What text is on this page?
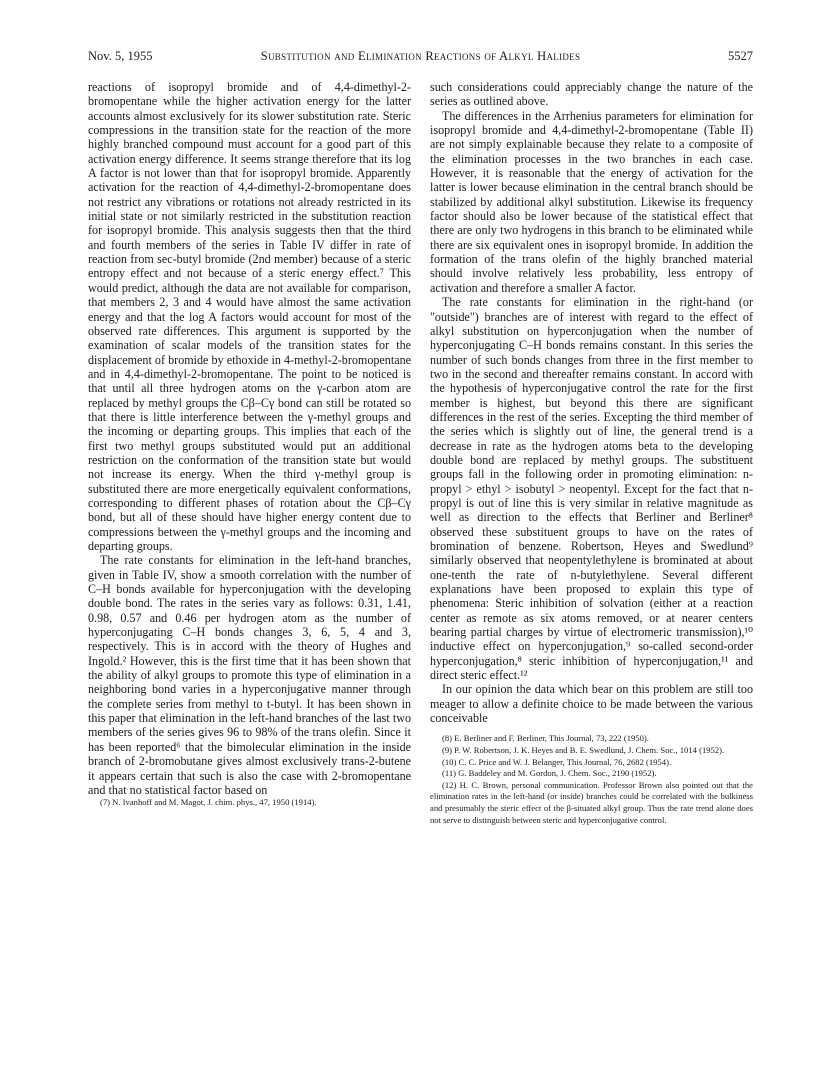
Nov. 5, 1955	Substitution and Elimination Reactions of Alkyl Halides	5527

reactions of isopropyl bromide and of 4,4-dimethyl-2-bromopentane while the higher activation energy for the latter accounts almost exclusively for its slower substitution rate. Steric compressions in the transition state for the reaction of the more highly branched compound must account for a good part of this activation energy difference. It seems strange therefore that its log A factor is not lower than that for isopropyl bromide. Apparently activation for the reaction of 4,4-dimethyl-2-bromopentane does not restrict any vibrations or rotations not already restricted in its initial state or not similarly restricted in the substitution reaction for isopropyl bromide. This analysis suggests then that the third and fourth members of the series in Table IV differ in rate of reaction from sec-butyl bromide (2nd member) because of a steric entropy effect and not because of a steric energy effect.⁷ This would predict, although the data are not available for comparison, that members 2, 3 and 4 would have almost the same activation energy and that the log A factors would account for most of the observed rate differences. This argument is supported by the examination of scalar models of the transition states for the displacement of bromide by ethoxide in 4-methyl-2-bromopentane and in 4,4-dimethyl-2-bromopentane. The point to be noticed is that until all three hydrogen atoms on the γ-carbon atom are replaced by methyl groups the Cβ–Cγ bond can still be rotated so that there is little interference between the γ-methyl groups and the incoming or departing groups. This implies that each of the first two methyl groups substituted would put an additional restriction on the conformation of the transition state but would not increase its energy. When the third γ-methyl group is substituted there are more energetically equivalent conformations, corresponding to different phases of rotation about the Cβ–Cγ bond, but all of these should have higher energy content due to compressions between the γ-methyl groups and the incoming and departing groups.

The rate constants for elimination in the left-hand branches, given in Table IV, show a smooth correlation with the number of C–H bonds available for hyperconjugation with the developing double bond. The rates in the series vary as follows: 0.31, 1.41, 0.98, 0.57 and 0.46 per hydrogen atom as the number of hyperconjugating C–H bonds changes 3, 6, 5, 4 and 3, respectively. This is in accord with the theory of Hughes and Ingold.² However, this is the first time that it has been shown that the ability of alkyl groups to promote this type of elimination in a neighboring bond varies in a hyperconjugative manner through the complete series from methyl to t-butyl. It has been shown in this paper that elimination in the left-hand branches of the last two members of the series gives 96 to 98% of the trans olefin. Since it has been reported⁶ that the bimolecular elimination in the inside branch of 2-bromobutane gives almost exclusively trans-2-butene it appears certain that such is also the case with 2-bromopentane and that no statistical factor based on

(7) N. Ivanhoff and M. Magot, J. chim. phys., 47, 1950 (1914).

such considerations could appreciably change the nature of the series as outlined above.

The differences in the Arrhenius parameters for elimination for isopropyl bromide and 4,4-dimethyl-2-bromopentane (Table II) are not simply explainable because they relate to a composite of the elimination processes in the two branches in each case. However, it is reasonable that the energy of activation for the latter is lower because elimination in the central branch should be stabilized by additional alkyl substitution. Likewise its frequency factor should also be lower because of the statistical effect that there are only two hydrogens in this branch to be eliminated while there are six equivalent ones in isopropyl bromide. In addition the formation of the trans olefin of the highly branched material should involve relatively less probability, less entropy of activation and therefore a smaller A factor.

The rate constants for elimination in the right-hand (or "outside") branches are of interest with regard to the effect of alkyl substitution on hyperconjugation when the number of hyperconjugating C–H bonds remains constant. In this series the number of such bonds changes from three in the first member to two in the second and thereafter remains constant. In accord with the hypothesis of hyperconjugative control the rate for the first member is highest, but beyond this there are significant differences in the rest of the series. Excepting the third member of the series which is slightly out of line, the general trend is a decrease in rate as the hydrogen atoms beta to the developing double bond are replaced by methyl groups. The substituent groups fall in the following order in promoting elimination: n-propyl > ethyl > isobutyl > neopentyl. Except for the fact that n-propyl is out of line this is very similar in relative magnitude as well as direction to the effects that Berliner and Berliner⁸ observed these substituent groups to have on the rates of bromination of benzene. Robertson, Heyes and Swedlund⁹ similarly observed that neopentylethylene is brominated at about one-tenth the rate of n-butylethylene. Several different explanations have been proposed to explain this type of phenomena: Steric inhibition of solvation (either at a reaction center as remote as six atoms removed, or at nearer centers bearing partial charges by virtue of electromeric transmission),¹⁰ inductive effect on hyperconjugation,⁹ so-called second-order hyperconjugation,⁸ steric inhibition of hyperconjugation,¹¹ and direct steric effect.¹²

In our opinion the data which bear on this problem are still too meager to allow a definite choice to be made between the various conceivable

(8) E. Berliner and F. Berliner, This Journal, 73, 222 (1950).

(9) P. W. Robertson, J. K. Heyes and B. E. Swedlund, J. Chem. Soc., 1014 (1952).

(10) C. C. Price and W. J. Belanger, This Journal, 76, 2682 (1954).

(11) G. Baddeley and M. Gordon, J. Chem. Soc., 2190 (1952).

(12) H. C. Brown, personal communication. Professor Brown also pointed out that the elimination rates in the left-hand (or inside) branches could be correlated with the bulkiness and presumably the steric effect of the β-situated alkyl group. Thus the rate trend alone does not serve to distinguish between steric and hyperconjugative control.
